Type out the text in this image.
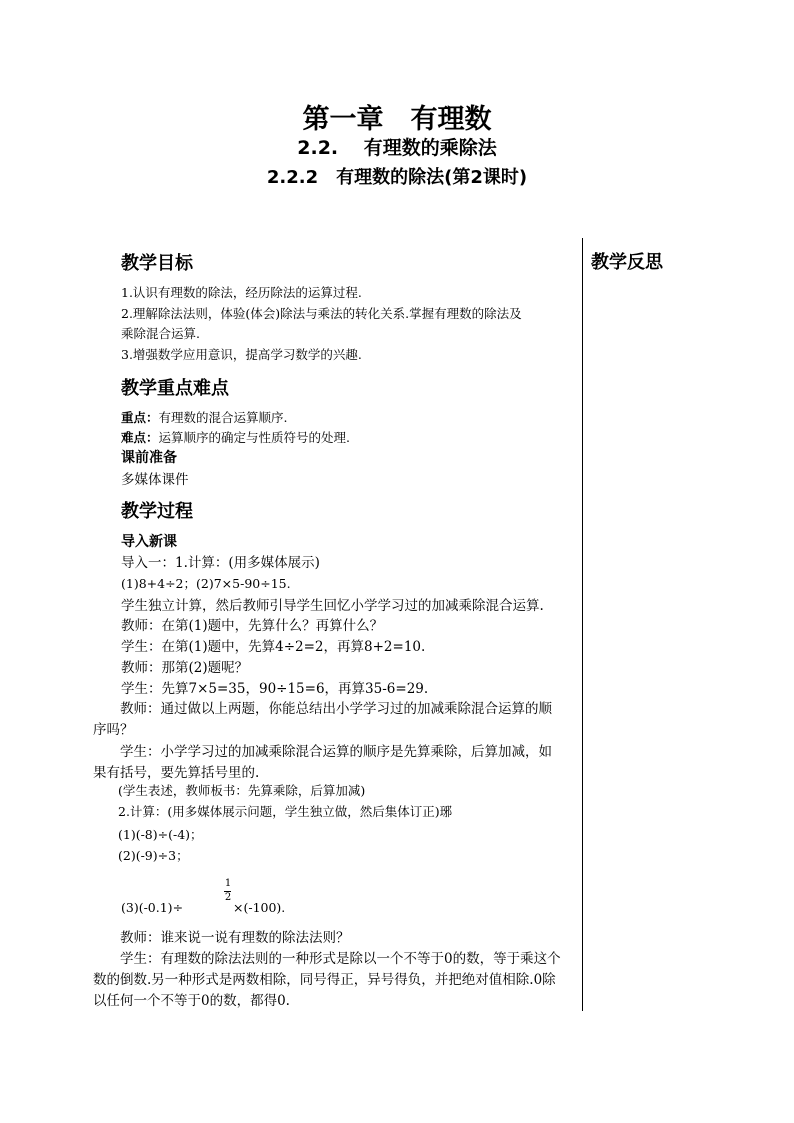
第一章　有理数
2.2.　 有理数的乘除法
2.2.2　有理数的除法(第2课时)
教学反思
教学目标
1.认识有理数的除法，经历除法的运算过程.
2.理解除法法则，体验(体会)除法与乘法的转化关系.掌握有理数的除法及
乘除混合运算.
3.增强数学应用意识，提高学习数学的兴趣.
教学重点难点
重点：有理数的混合运算顺序.
难点：运算顺序的确定与性质符号的处理.
课前准备
多媒体课件
教学过程
导入新课
导入一：1.计算：(用多媒体展示)
(1)8+4÷2；(2)7×5-90÷15.
学生独立计算，然后教师引导学生回忆小学学习过的加减乘除混合运算.
教师：在第(1)题中，先算什么？再算什么？
学生：在第(1)题中，先算4÷2=2，再算8+2=10.
教师：那第(2)题呢？
学生：先算7×5=35，90÷15=6，再算35-6=29.
　　教师：通过做以上两题，你能总结出小学学习过的加减乘除混合运算的顺
序吗？
　　学生：小学学习过的加减乘除混合运算的顺序是先算乘除，后算加减，如
果有括号，要先算括号里的.
　　(学生表述，教师板书：先算乘除，后算加减)
　　2.计算：(用多媒体展示问题，学生独立做，然后集体订正)琊
　　(1)(-8)÷(-4)；
　　(2)(-9)÷3；
(3)(-0.1)÷
1
2
×(-100).
　　教师：谁来说一说有理数的除法法则？
　　学生：有理数的除法法则的一种形式是除以一个不等于0的数，等于乘这个
数的倒数.另一种形式是两数相除，同号得正，异号得负，并把绝对值相除.0除
以任何一个不等于0的数，都得0.
